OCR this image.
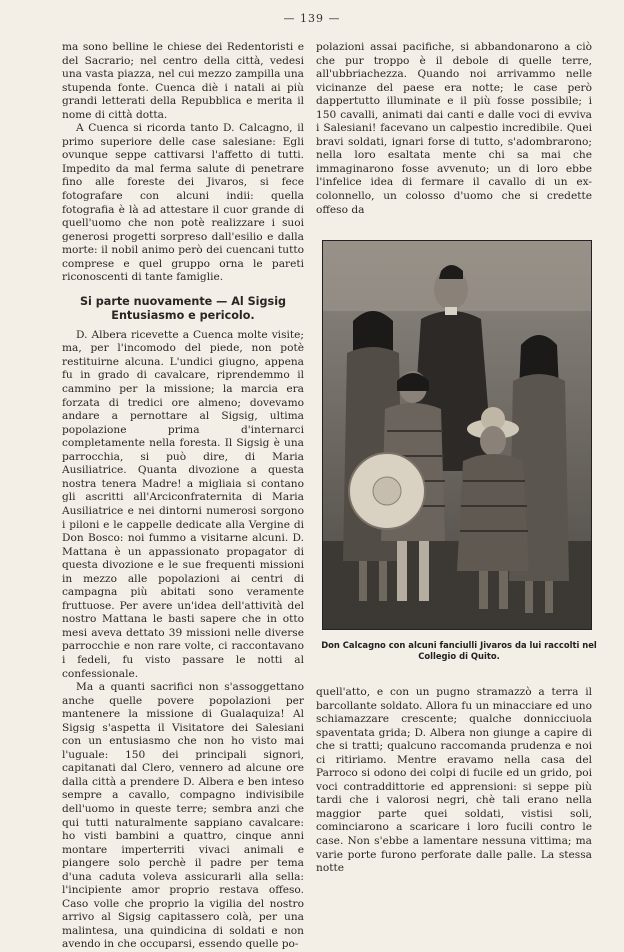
— 139 —

ma sono belline le chiese dei Redentoristi e del Sacrario; nel centro della città, vedesi una vasta piazza, nel cui mezzo zampilla una stupenda fonte. Cuenca diè i natali ai più grandi letterati della Repubblica e merita il nome di città dotta.

A Cuenca si ricorda tanto D. Calcagno, il primo superiore delle case salesiane: Egli ovunque seppe cattivarsi l'affetto di tutti. Impedito da mal ferma salute di penetrare fino alle foreste dei Jivaros, si fece fotografare con alcuni indii: quella fotografia è là ad attestare il cuor grande di quell'uomo che non potè realizzare i suoi generosi progetti sorpreso dall'esilio e dalla morte: il nobil animo però dei cuencani tutto comprese e quel gruppo orna le pareti riconoscenti di tante famiglie.

Si parte nuovamente — Al Sigsig Entusiasmo e pericolo.

D. Albera ricevette a Cuenca molte visite; ma, per l'incomodo del piede, non potè restituirne alcuna. L'undici giugno, appena fu in grado di cavalcare, riprendemmo il cammino per la missione; la marcia era forzata di tredici ore almeno; dovevamo andare a pernottare al Sigsig, ultima popolazione prima d'internarci completamente nella foresta. Il Sigsig è una parrocchia, si può dire, di Maria Ausiliatrice. Quanta divozione a questa nostra tenera Madre! a migliaia si contano gli ascritti all'Arciconfraternita di Maria Ausiliatrice e nei dintorni numerosi sorgono i piloni e le cappelle dedicate alla Vergine di Don Bosco: noi fummo a visitarne alcuni. D. Mattana è un appassionato propagator di questa divozione e le sue frequenti missioni in mezzo alle popolazioni ai centri di campagna più abitati sono veramente fruttuose. Per avere un'idea dell'attività del nostro Mattana le basti sapere che in otto mesi aveva dettato 39 missioni nelle diverse parrocchie e non rare volte, ci raccontavano i fedeli, fu visto passare le notti al confessionale.

Ma a quanti sacrifici non s'assoggettano anche quelle povere popolazioni per mantenere la missione di Gualaquiza! Al Sigsig s'aspetta il Visitatore dei Salesiani con un entusiasmo che non ho visto mai l'uguale: 150 dei principali signori, capitanati dal Clero, vennero ad alcune ore dalla città a prendere D. Albera e ben inteso sempre a cavallo, compagno indivisibile dell'uomo in queste terre; sembra anzi che qui tutti naturalmente sappiano cavalcare: ho visti bambini a quattro, cinque anni montare imperterriti vivaci animali e piangere solo perchè il padre per tema d'una caduta voleva assicurarli alla sella: l'incipiente amor proprio restava offeso. Caso volle che proprio la vigilia del nostro arrivo al Sigsig capitassero colà, per una malintesa, una quindicina di soldati e non avendo in che occuparsi, essendo quelle po-

polazioni assai pacifiche, si abbandonarono a ciò che pur troppo è il debole di quelle terre, all'ubbriachezza. Quando noi arrivammo nelle vicinanze del paese era notte; le case però dappertutto illuminate e il più fosse possibile; i 150 cavalli, animati dai canti e dalle voci di evviva i Salesiani! facevano un calpestio incredibile. Quei bravi soldati, ignari forse di tutto, s'adombrarono; nella loro esaltata mente chi sa mai che immaginarono fosse avvenuto; un di loro ebbe l'infelice idea di fermare il cavallo di un ex-colonnello, un colosso d'uomo che si credette offeso da

Don Calcagno con alcuni fanciulli Jivaros da lui raccolti nel Collegio di Quito.

quell'atto, e con un pugno stramazzò a terra il barcollante soldato. Allora fu un minacciare ed uno schiamazzare crescente; qualche donnicciuola spaventata grida; D. Albera non giunge a capire di che si tratti; qualcuno raccomanda prudenza e noi ci ritiriamo. Mentre eravamo nella casa del Parroco si odono dei colpi di fucile ed un grido, poi voci contraddittorie ed apprensioni: si seppe più tardi che i valorosi negri, chè tali erano nella maggior parte quei soldati, vistisi soli, cominciarono a scaricare i loro fucili contro le case. Non s'ebbe a lamentare nessuna vittima; ma varie porte furono perforate dalle palle. La stessa notte
